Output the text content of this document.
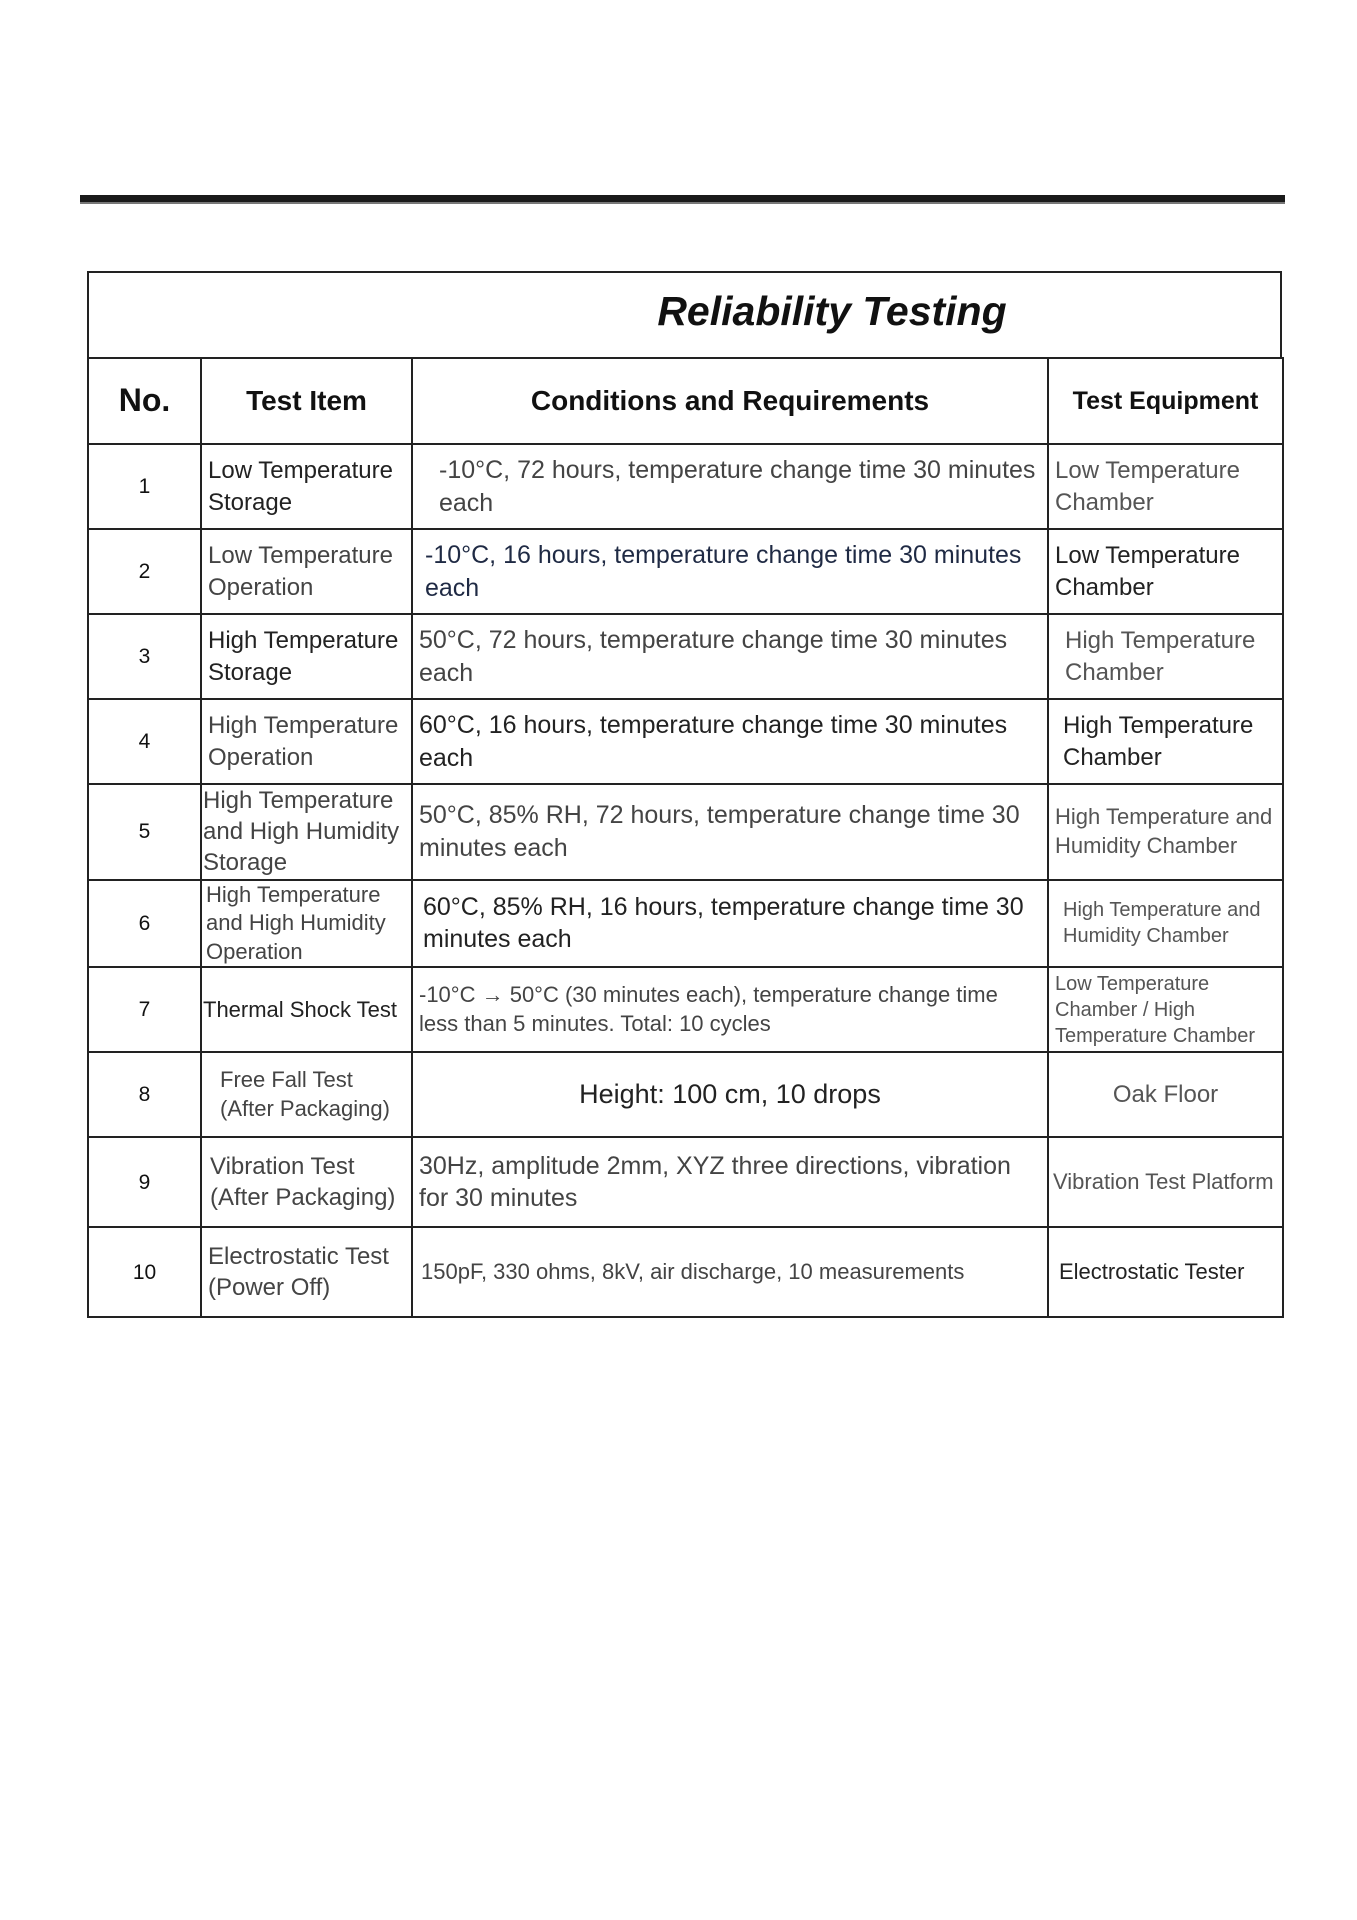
Reliability Testing
No.	Test Item	Conditions and Requirements	Test Equipment
1	Low Temperature Storage	-10°C, 72 hours, temperature change time 30 minutes each	Low Temperature Chamber
2	Low Temperature Operation	-10°C, 16 hours, temperature change time 30 minutes each	Low Temperature Chamber
3	High Temperature Storage	50°C, 72 hours, temperature change time 30 minutes each	High Temperature Chamber
4	High Temperature Operation	60°C, 16 hours, temperature change time 30 minutes each	High Temperature Chamber
5	High Temperature and High Humidity Storage	50°C, 85% RH, 72 hours, temperature change time 30 minutes each	High Temperature and Humidity Chamber
6	High Temperature and High Humidity Operation	60°C, 85% RH, 16 hours, temperature change time 30 minutes each	High Temperature and Humidity Chamber
7	Thermal Shock Test	-10°C → 50°C (30 minutes each), temperature change time less than 5 minutes. Total: 10 cycles	Low Temperature Chamber / High Temperature Chamber
8	Free Fall Test (After Packaging)	Height: 100 cm, 10 drops	Oak Floor
9	Vibration Test (After Packaging)	30Hz, amplitude 2mm, XYZ three directions, vibration for 30 minutes	Vibration Test Platform
10	Electrostatic Test (Power Off)	150pF, 330 ohms, 8kV, air discharge, 10 measurements	Electrostatic Tester
